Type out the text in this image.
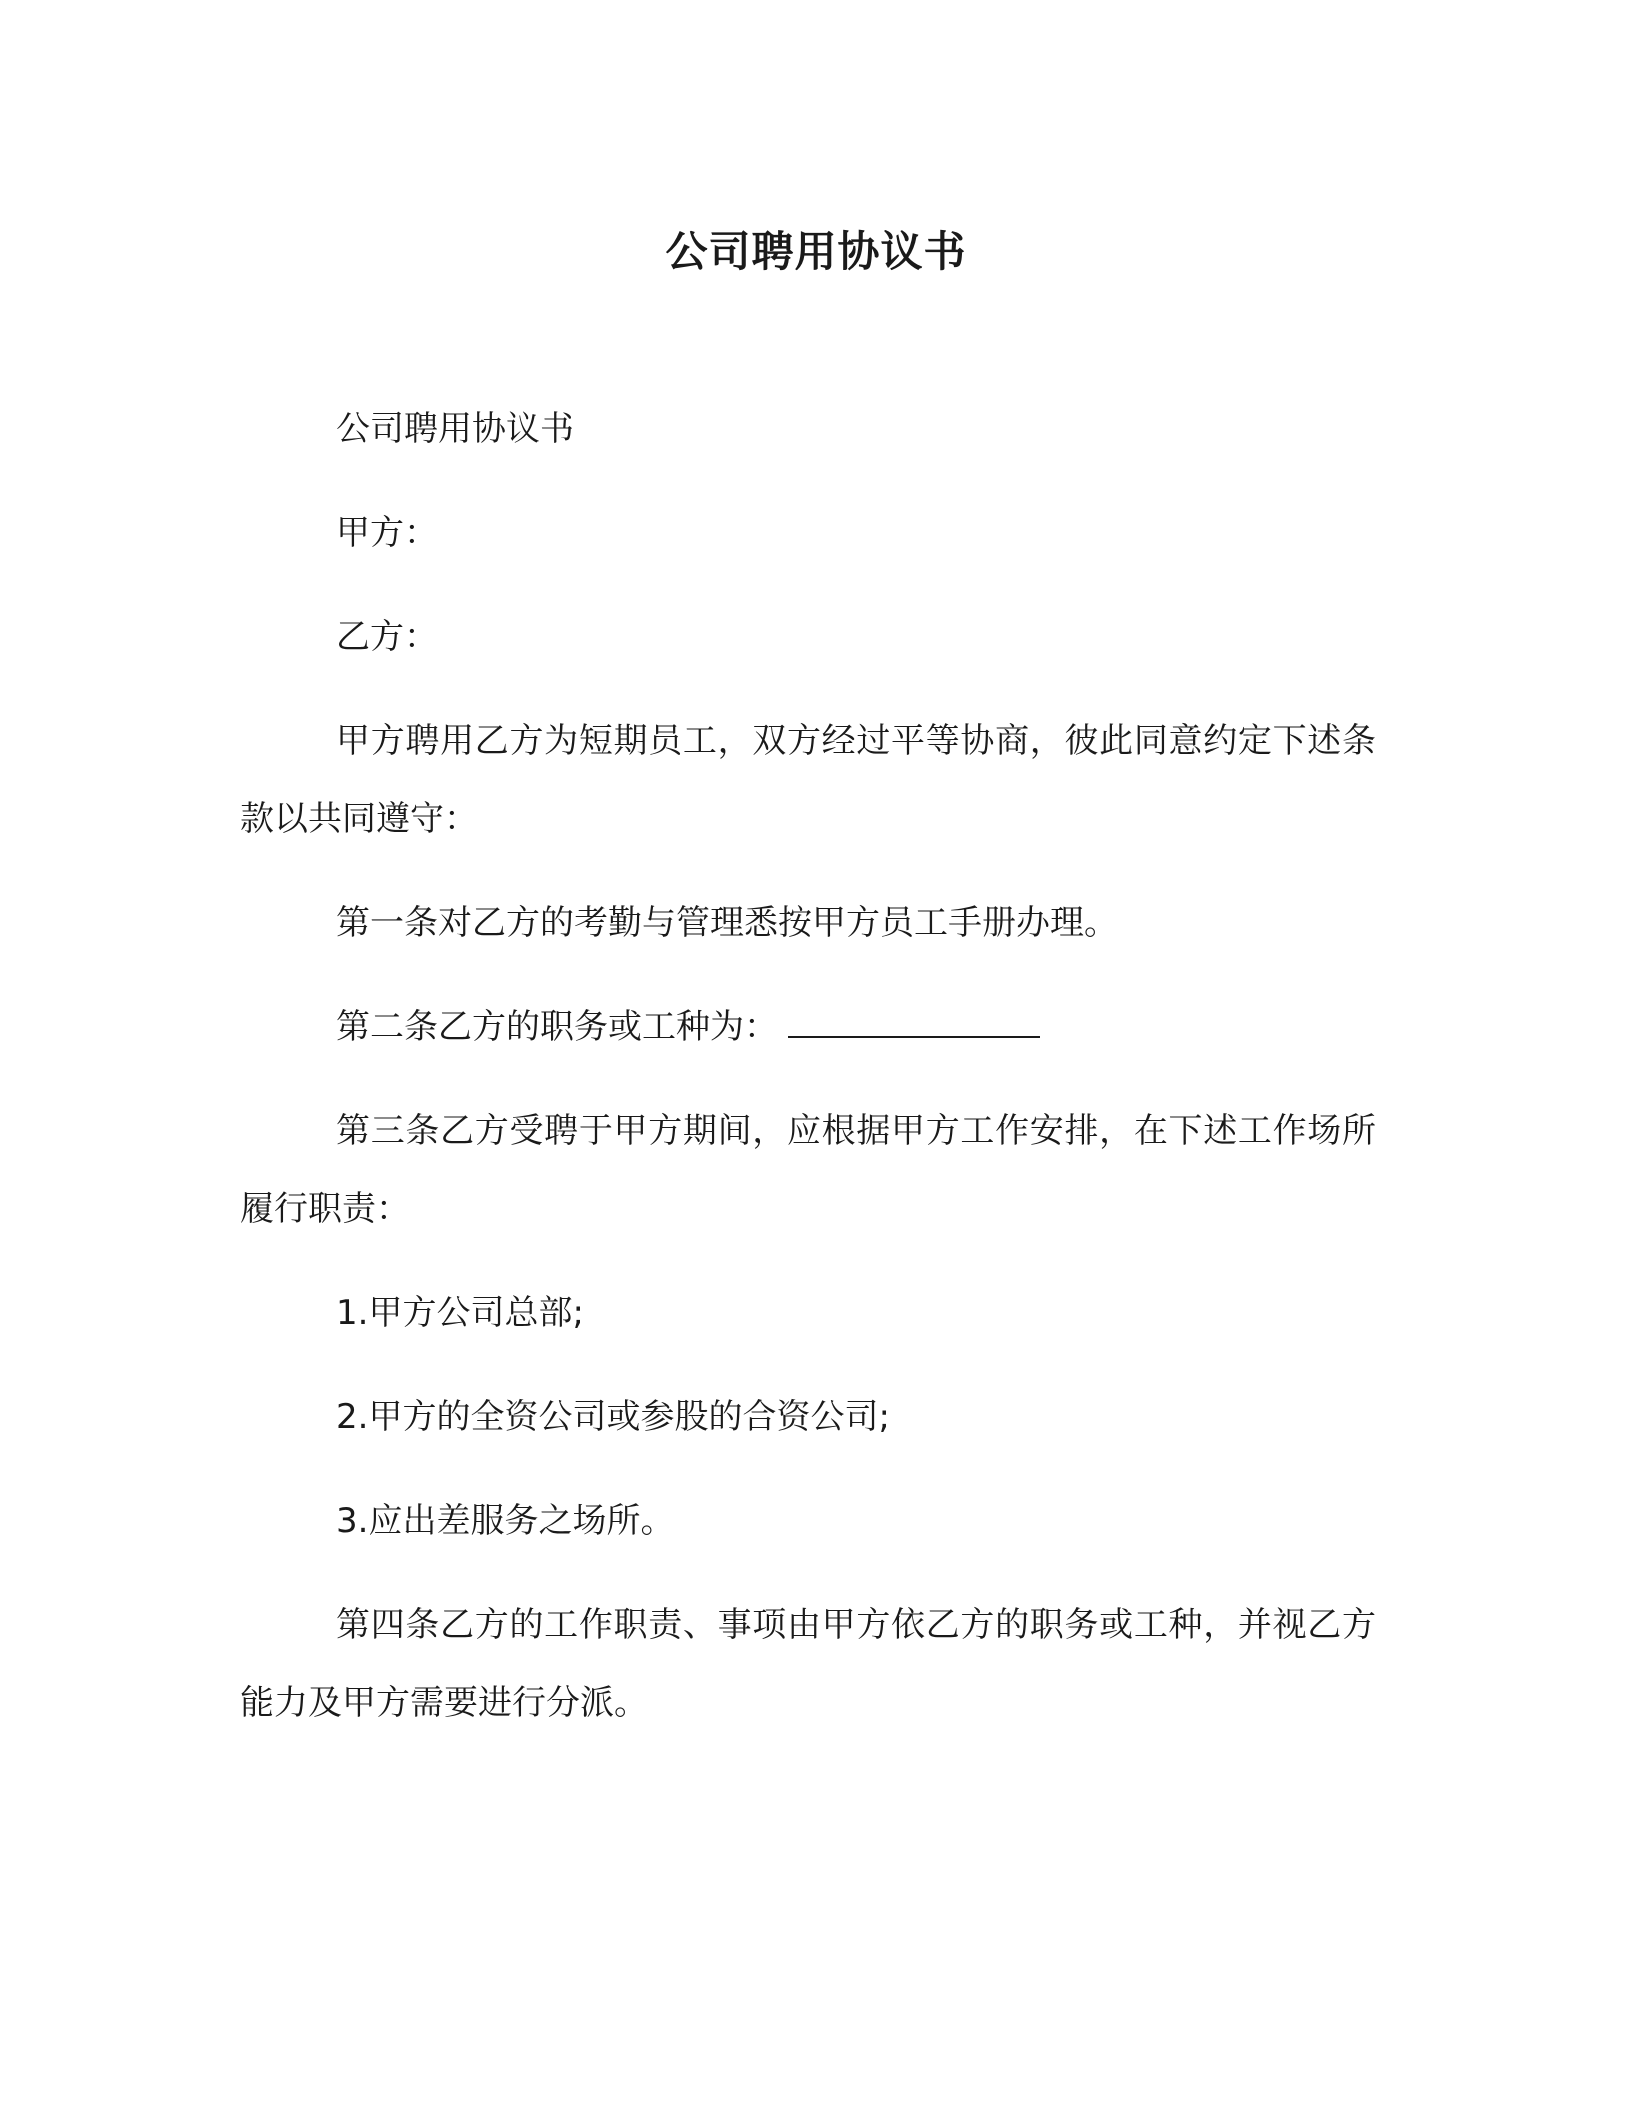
公司聘用协议书

公司聘用协议书

甲方：

乙方：

甲方聘用乙方为短期员工，双方经过平等协商，彼此同意约定下述条款以共同遵守：

第一条对乙方的考勤与管理悉按甲方员工手册办理。

第二条乙方的职务或工种为：

第三条乙方受聘于甲方期间，应根据甲方工作安排，在下述工作场所履行职责：

1.甲方公司总部;

2.甲方的全资公司或参股的合资公司;

3.应出差服务之场所。

第四条乙方的工作职责、事项由甲方依乙方的职务或工种，并视乙方能力及甲方需要进行分派。
